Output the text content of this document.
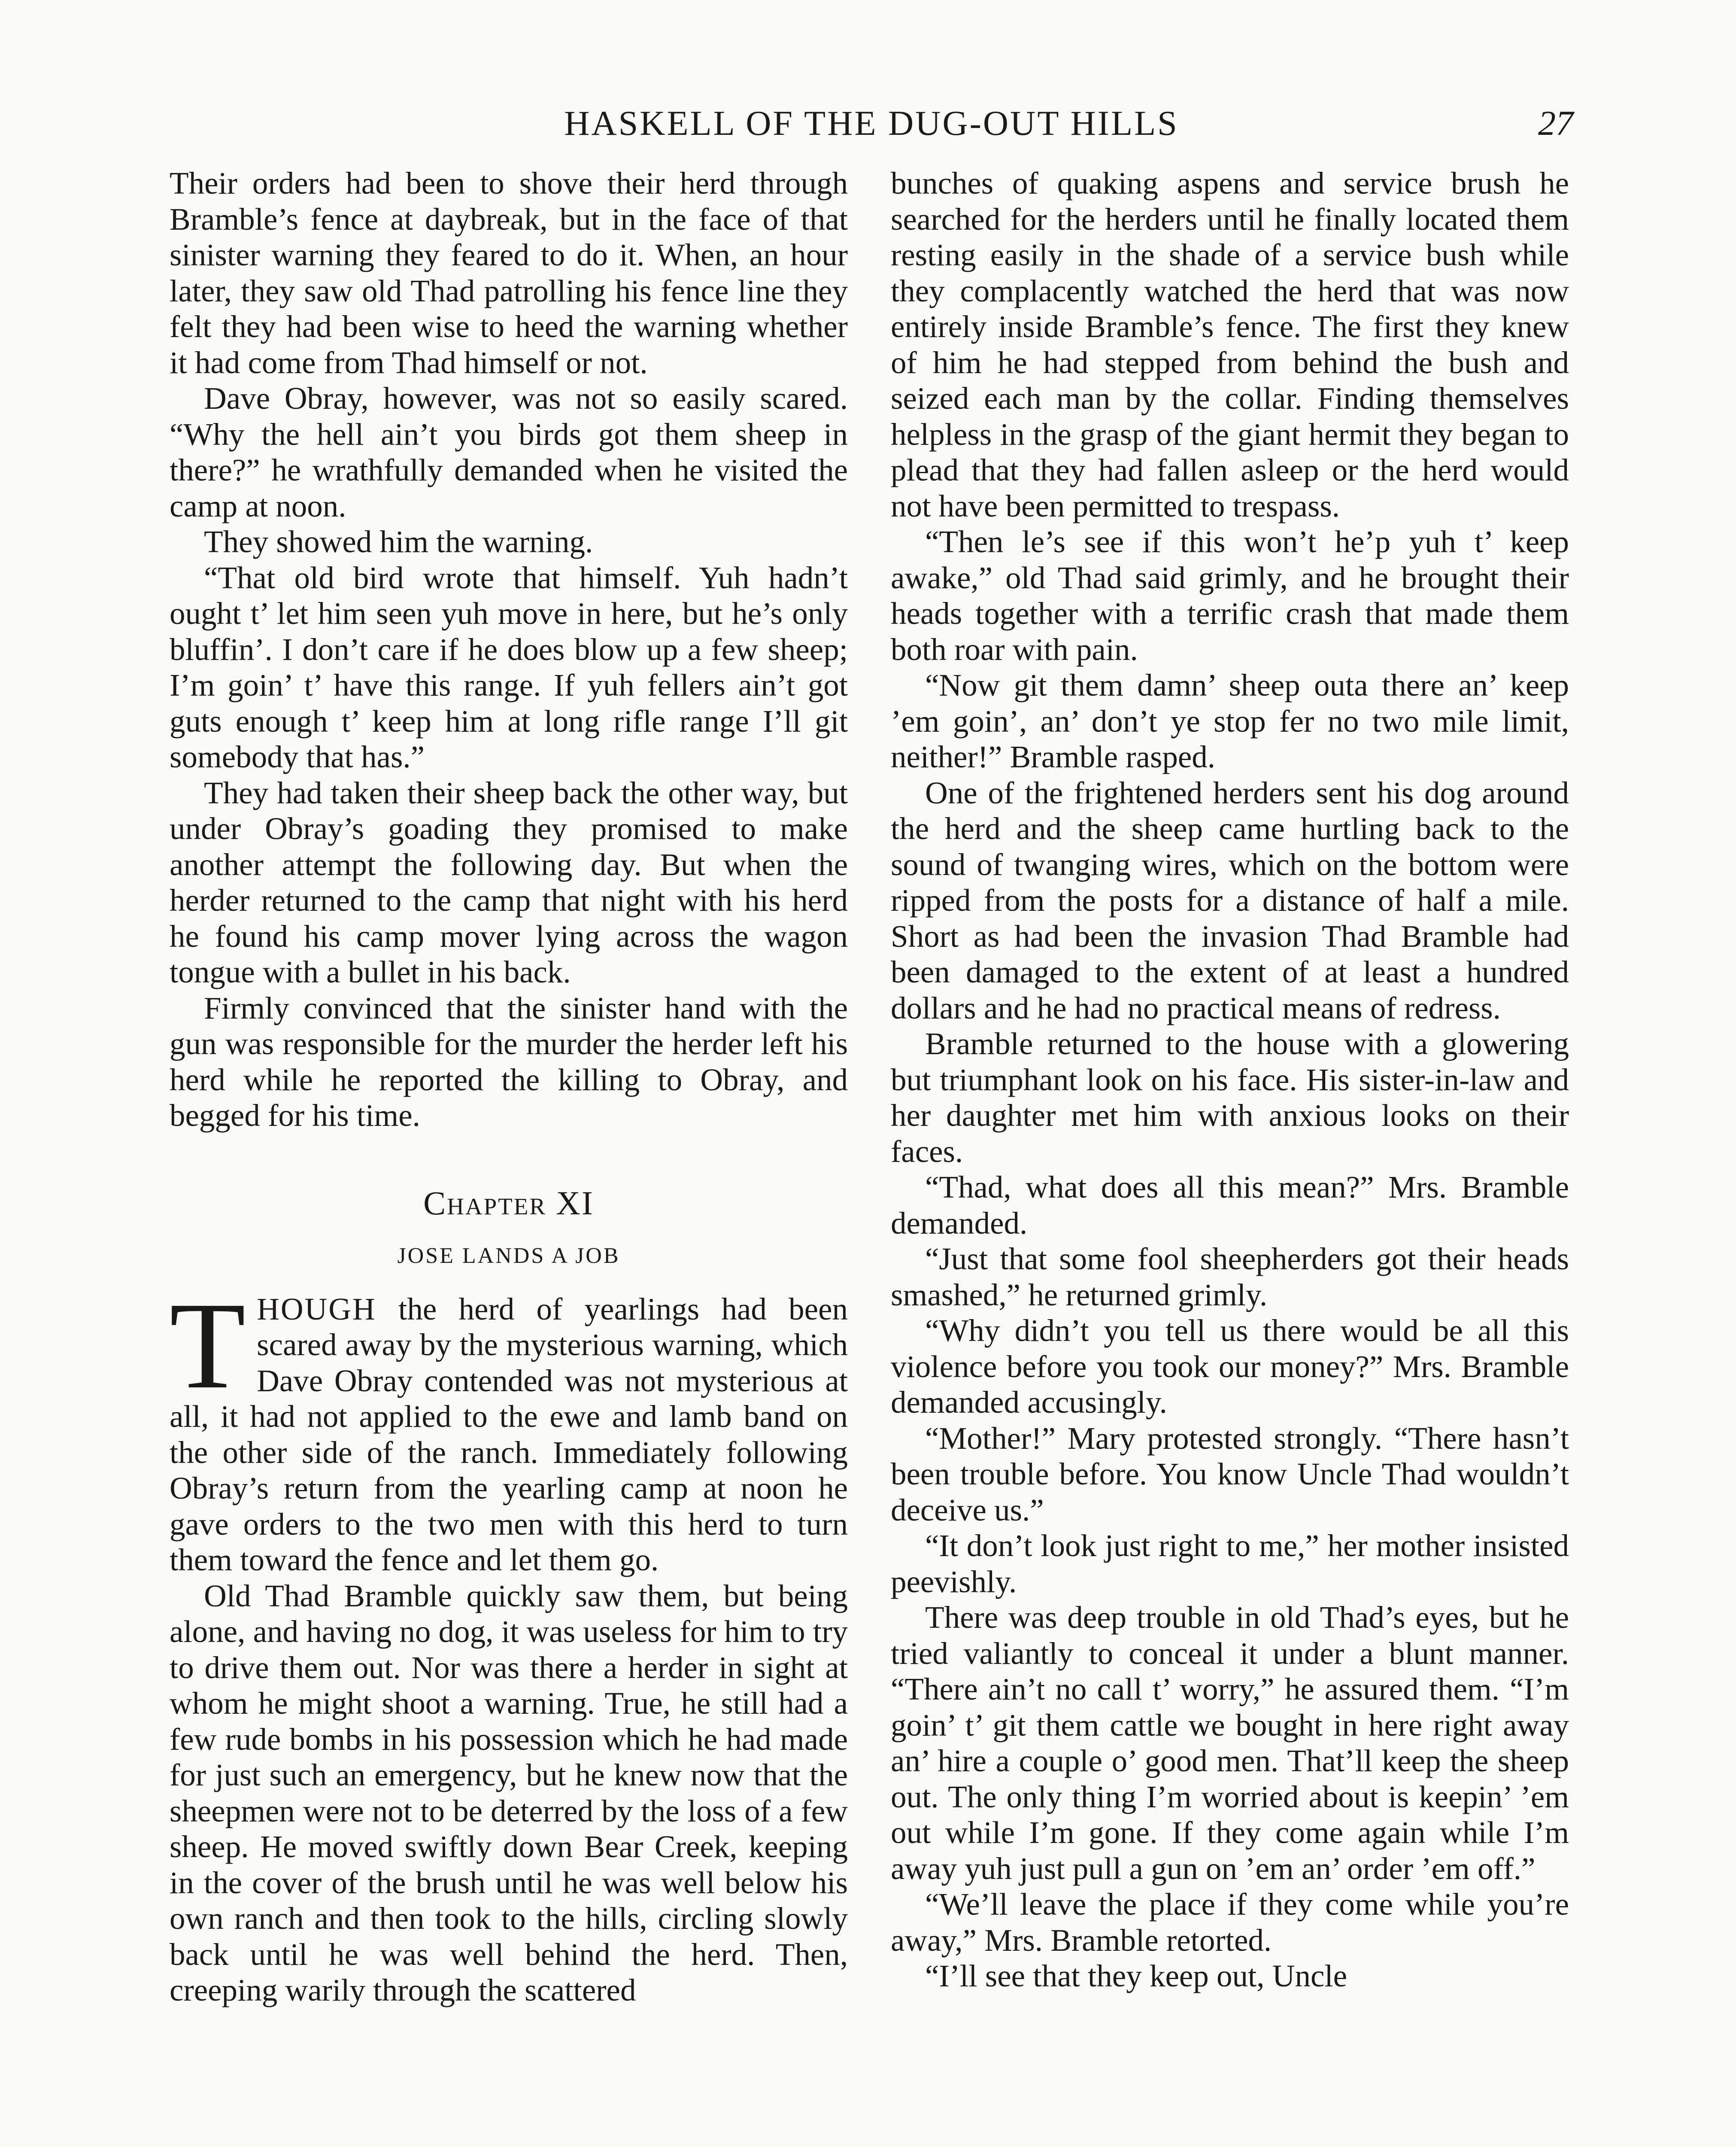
HASKELL OF THE DUG-OUT HILLS	27

Their orders had been to shove their herd through Bramble’s fence at daybreak, but in the face of that sinister warning they feared to do it. When, an hour later, they saw old Thad patrolling his fence line they felt they had been wise to heed the warning whether it had come from Thad himself or not.

Dave Obray, however, was not so easily scared. “Why the hell ain’t you birds got them sheep in there?” he wrathfully demanded when he visited the camp at noon.

They showed him the warning.

“That old bird wrote that himself. Yuh hadn’t ought t’ let him seen yuh move in here, but he’s only bluffin’. I don’t care if he does blow up a few sheep; I’m goin’ t’ have this range. If yuh fellers ain’t got guts enough t’ keep him at long rifle range I’ll git somebody that has.”

They had taken their sheep back the other way, but under Obray’s goading they promised to make another attempt the following day. But when the herder returned to the camp that night with his herd he found his camp mover lying across the wagon tongue with a bullet in his back.

Firmly convinced that the sinister hand with the gun was responsible for the murder the herder left his herd while he reported the killing to Obray, and begged for his time.

Chapter XI
JOSE LANDS A JOB

THOUGH the herd of yearlings had been scared away by the mysterious warning, which Dave Obray contended was not mysterious at all, it had not applied to the ewe and lamb band on the other side of the ranch. Immediately following Obray’s return from the yearling camp at noon he gave orders to the two men with this herd to turn them toward the fence and let them go.

Old Thad Bramble quickly saw them, but being alone, and having no dog, it was useless for him to try to drive them out. Nor was there a herder in sight at whom he might shoot a warning. True, he still had a few rude bombs in his possession which he had made for just such an emergency, but he knew now that the sheepmen were not to be deterred by the loss of a few sheep. He moved swiftly down Bear Creek, keeping in the cover of the brush until he was well below his own ranch and then took to the hills, circling slowly back until he was well behind the herd. Then, creeping warily through the scattered

bunches of quaking aspens and service brush he searched for the herders until he finally located them resting easily in the shade of a service bush while they complacently watched the herd that was now entirely inside Bramble’s fence. The first they knew of him he had stepped from behind the bush and seized each man by the collar. Finding themselves helpless in the grasp of the giant hermit they began to plead that they had fallen asleep or the herd would not have been permitted to trespass.

“Then le’s see if this won’t he’p yuh t’ keep awake,” old Thad said grimly, and he brought their heads together with a terrific crash that made them both roar with pain.

“Now git them damn’ sheep outa there an’ keep ’em goin’, an’ don’t ye stop fer no two mile limit, neither!” Bramble rasped.

One of the frightened herders sent his dog around the herd and the sheep came hurtling back to the sound of twanging wires, which on the bottom were ripped from the posts for a distance of half a mile. Short as had been the invasion Thad Bramble had been damaged to the extent of at least a hundred dollars and he had no practical means of redress.

Bramble returned to the house with a glowering but triumphant look on his face. His sister-in-law and her daughter met him with anxious looks on their faces.

“Thad, what does all this mean?” Mrs. Bramble demanded.

“Just that some fool sheepherders got their heads smashed,” he returned grimly.

“Why didn’t you tell us there would be all this violence before you took our money?” Mrs. Bramble demanded accusingly.

“Mother!” Mary protested strongly. “There hasn’t been trouble before. You know Uncle Thad wouldn’t deceive us.”

“It don’t look just right to me,” her mother insisted peevishly.

There was deep trouble in old Thad’s eyes, but he tried valiantly to conceal it under a blunt manner. “There ain’t no call t’ worry,” he assured them. “I’m goin’ t’ git them cattle we bought in here right away an’ hire a couple o’ good men. That’ll keep the sheep out. The only thing I’m worried about is keepin’ ’em out while I’m gone. If they come again while I’m away yuh just pull a gun on ’em an’ order ’em off.”

“We’ll leave the place if they come while you’re away,” Mrs. Bramble retorted.

“I’ll see that they keep out, Uncle
